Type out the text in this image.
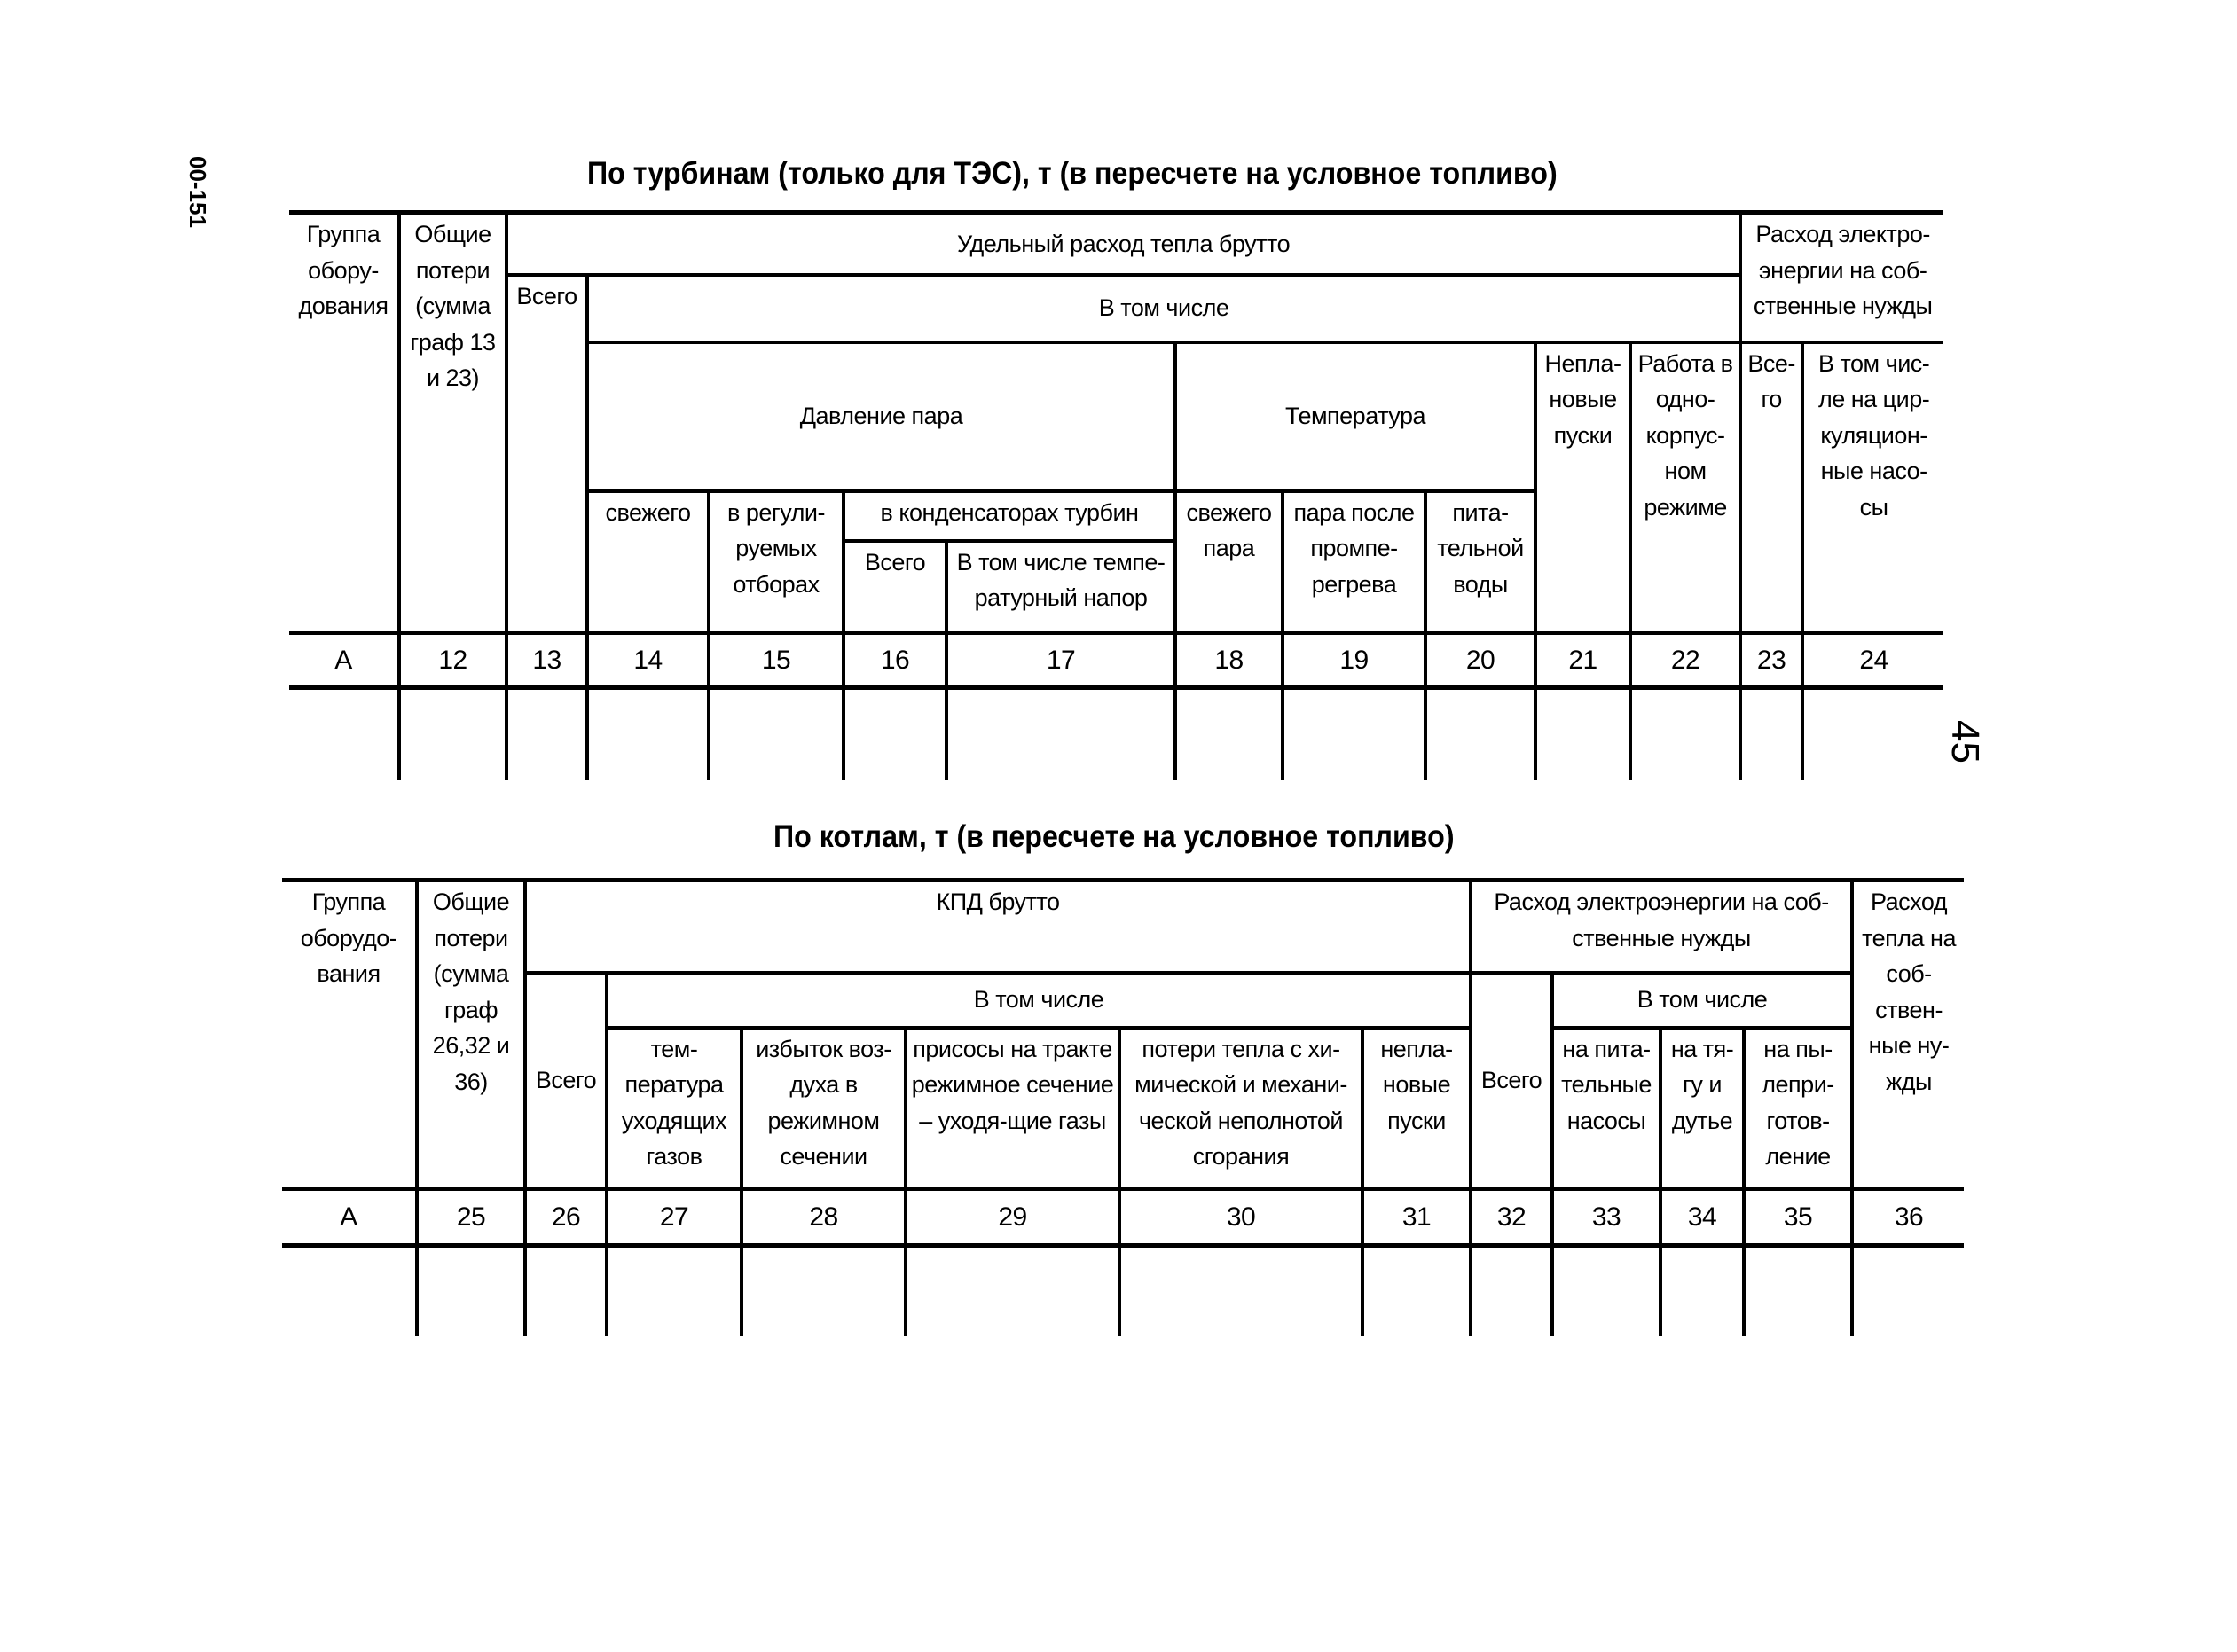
00-151
45
По турбинам (только для ТЭС), т (в пересчете на условное топливо)
Группа обору-дования	Общие потери (сумма граф 13 и 23)	Удельный расход тепла брутто										Расход электро-энергии на соб-ственные нужды	
		Всего	В том числе										
			Давление пара				Температура			Непла-новые пуски	Работа в одно-корпус-ном режиме	Все-го	В том чис-ле на цир-куляцион-ные насо-сы
			свежего	в регули-руемых отборах	в конденсаторах турбин		свежего пара	пара после промпе-регрева	пита-тельной воды				
					Всего	В том числе темпе-ратурный напор							
А	12	13	14	15	16	17	18	19	20	21	22	23	24

По котлам, т (в пересчете на условное топливо)
Группа оборудо-вания	Общие потери (сумма граф 26,32 и 36)	КПД брутто						Расход электроэнергии на соб-ственные нужды				Расход тепла на соб-ствен-ные ну-жды
		Всего	В том числе					Всего	В том числе			
			тем-пература уходящих газов	избыток воз-духа в режимном сечении	присосы на тракте режимное сечение – уходя-щие газы	потери тепла с хи-мической и механи-ческой неполнотой сгорания	непла-новые пуски		на пита-тельные насосы	на тя-гу и дутье	на пы-лепри-готов-ление	

А	25	26	27	28	29	30	31	32	33	34	35	36
